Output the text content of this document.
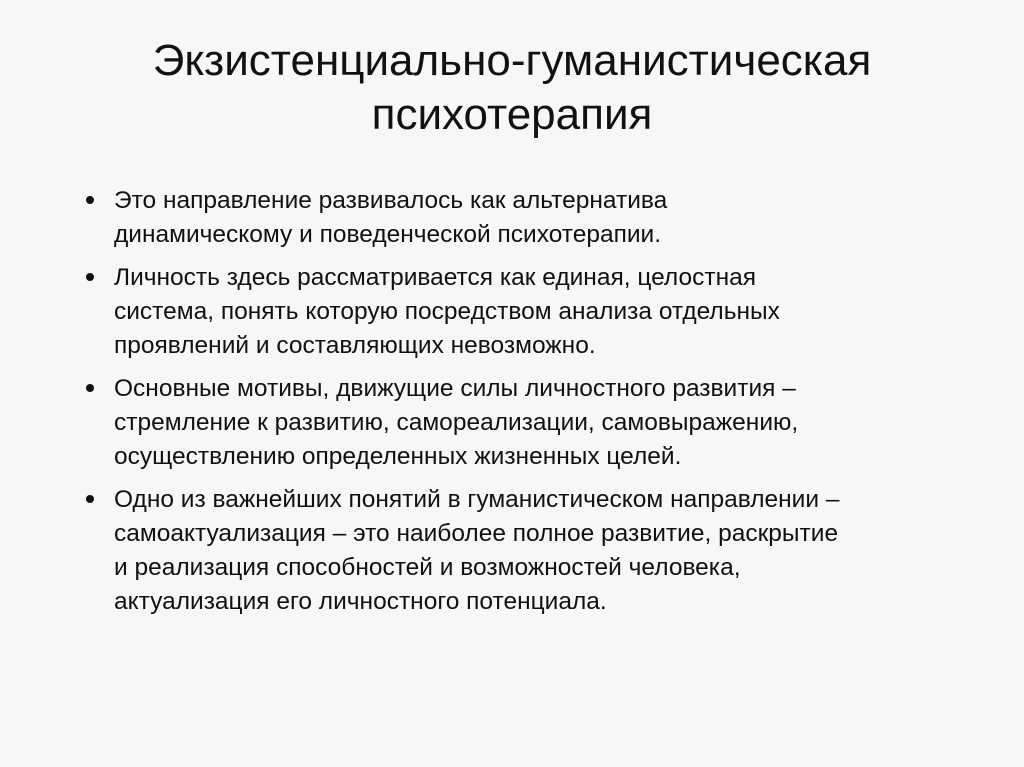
Экзистенциально-гуманистическая
психотерапия
Это направление развивалось как альтернатива
динамическому и поведенческой психотерапии.
Личность здесь рассматривается как единая, целостная
система, понять которую посредством анализа отдельных
проявлений и составляющих невозможно.
Основные мотивы, движущие силы личностного развития –
стремление к развитию, самореализации, самовыражению,
осуществлению определенных жизненных целей.
Одно из важнейших понятий в гуманистическом направлении –
самоактуализация – это наиболее полное развитие, раскрытие
и реализация способностей и возможностей человека,
актуализация его личностного потенциала.
